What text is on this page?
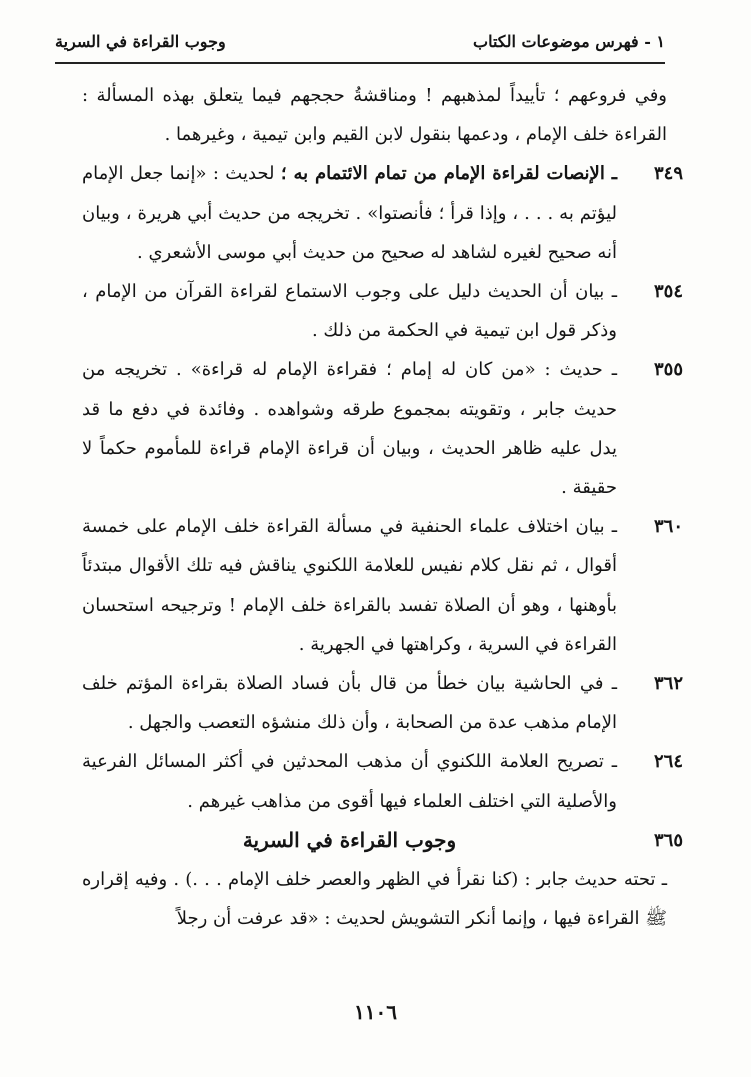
١ - فهرس موضوعات الكتاب
وجوب القراءة في السرية
وفي فروعهم ؛ تأييداً لمذهبهم ! ومناقشةُ حججهم فيما يتعلق بهذه المسألة : القراءة خلف الإمام ، ودعمها بنقول لابن القيم وابن تيمية ، وغيرهما .
٣٤٩
ـ الإنصات لقراءة الإمام من تمام الائتمام به ؛ لحديث : «إنما جعل الإمام ليؤتم به . . . ، وإذا قرأ ؛ فأنصتوا» . تخريجه من حديث أبي هريرة ، وبيان أنه صحيح لغيره لشاهد له صحيح من حديث أبي موسى الأشعري .
٣٥٤
ـ بيان أن الحديث دليل على وجوب الاستماع لقراءة القرآن من الإمام ، وذكر قول ابن تيمية في الحكمة من ذلك .
٣٥٥
ـ حديث : «من كان له إمام ؛ فقراءة الإمام له قراءة» . تخريجه من حديث جابر ، وتقويته بمجموع طرقه وشواهده . وفائدة في دفع ما قد يدل عليه ظاهر الحديث ، وبيان أن قراءة الإمام قراءة للمأموم حكماً لا حقيقة .
٣٦٠
ـ بيان اختلاف علماء الحنفية في مسألة القراءة خلف الإمام على خمسة أقوال ، ثم نقل كلام نفيس للعلامة اللكنوي يناقش فيه تلك الأقوال مبتدئاً بأوهنها ، وهو أن الصلاة تفسد بالقراءة خلف الإمام ! وترجيحه استحسان القراءة في السرية ، وكراهتها في الجهرية .
٣٦٢
ـ في الحاشية بيان خطأ من قال بأن فساد الصلاة بقراءة المؤتم خلف الإمام مذهب عدة من الصحابة ، وأن ذلك منشؤه التعصب والجهل .
٢٦٤
ـ تصريح العلامة اللكنوي أن مذهب المحدثين في أكثر المسائل الفرعية والأصلية التي اختلف العلماء فيها أقوى من مذاهب غيرهم .
٣٦٥
وجوب القراءة في السرية
ـ تحته حديث جابر : (كنا نقرأ في الظهر والعصر خلف الإمام . . .) . وفيه إقراره ﷺ القراءة فيها ، وإنما أنكر التشويش لحديث : «قد عرفت أن رجلاً
١١٠٦
